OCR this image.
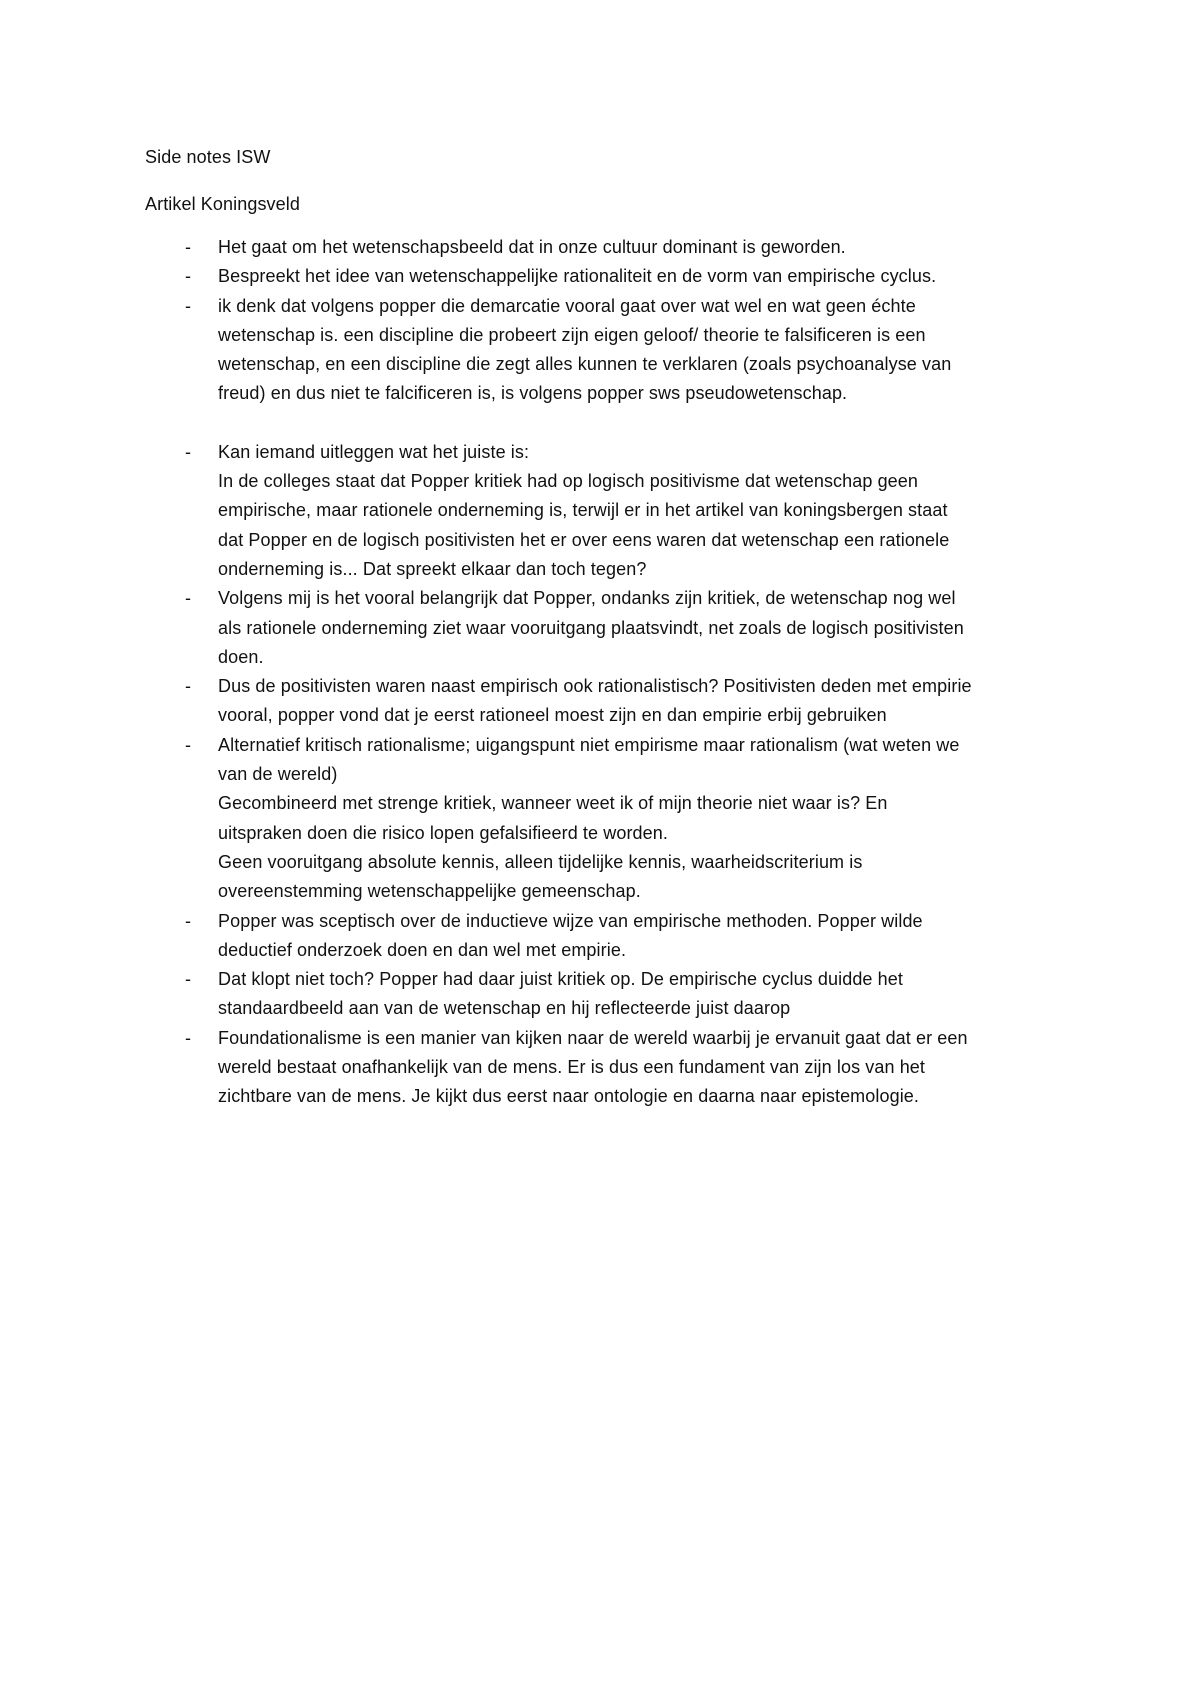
Side notes ISW
Artikel Koningsveld
-	Het gaat om het wetenschapsbeeld dat in onze cultuur dominant is geworden.
-	Bespreekt het idee van wetenschappelijke rationaliteit en de vorm van empirische cyclus.
-	ik denk dat volgens popper die demarcatie vooral gaat over wat wel en wat geen échte
wetenschap is. een discipline die probeert zijn eigen geloof/ theorie te falsificeren is een
wetenschap, en een discipline die zegt alles kunnen te verklaren (zoals psychoanalyse van
freud) en dus niet te falcificeren is, is volgens popper sws pseudowetenschap.
-	Kan iemand uitleggen wat het juiste is:
In de colleges staat dat Popper kritiek had op logisch positivisme dat wetenschap geen
empirische, maar rationele onderneming is, terwijl er in het artikel van koningsbergen staat
dat Popper en de logisch positivisten het er over eens waren dat wetenschap een rationele
onderneming is... Dat spreekt elkaar dan toch tegen?
-	Volgens mij is het vooral belangrijk dat Popper, ondanks zijn kritiek, de wetenschap nog wel
als rationele onderneming ziet waar vooruitgang plaatsvindt, net zoals de logisch positivisten
doen.
-	Dus de positivisten waren naast empirisch ook rationalistisch? Positivisten deden met empirie
vooral, popper vond dat je eerst rationeel moest zijn en dan empirie erbij gebruiken
-	Alternatief kritisch rationalisme; uigangspunt niet empirisme maar rationalism (wat weten we
van de wereld)
Gecombineerd met strenge kritiek, wanneer weet ik of mijn theorie niet waar is? En
uitspraken doen die risico lopen gefalsifieerd te worden.
Geen vooruitgang absolute kennis, alleen tijdelijke kennis, waarheidscriterium is
overeenstemming wetenschappelijke gemeenschap.
-	Popper was sceptisch over de inductieve wijze van empirische methoden. Popper wilde
deductief onderzoek doen en dan wel met empirie.
-	Dat klopt niet toch? Popper had daar juist kritiek op. De empirische cyclus duidde het
standaardbeeld aan van de wetenschap en hij reflecteerde juist daarop
-	Foundationalisme is een manier van kijken naar de wereld waarbij je ervanuit gaat dat er een
wereld bestaat onafhankelijk van de mens. Er is dus een fundament van zijn los van het
zichtbare van de mens. Je kijkt dus eerst naar ontologie en daarna naar epistemologie.
